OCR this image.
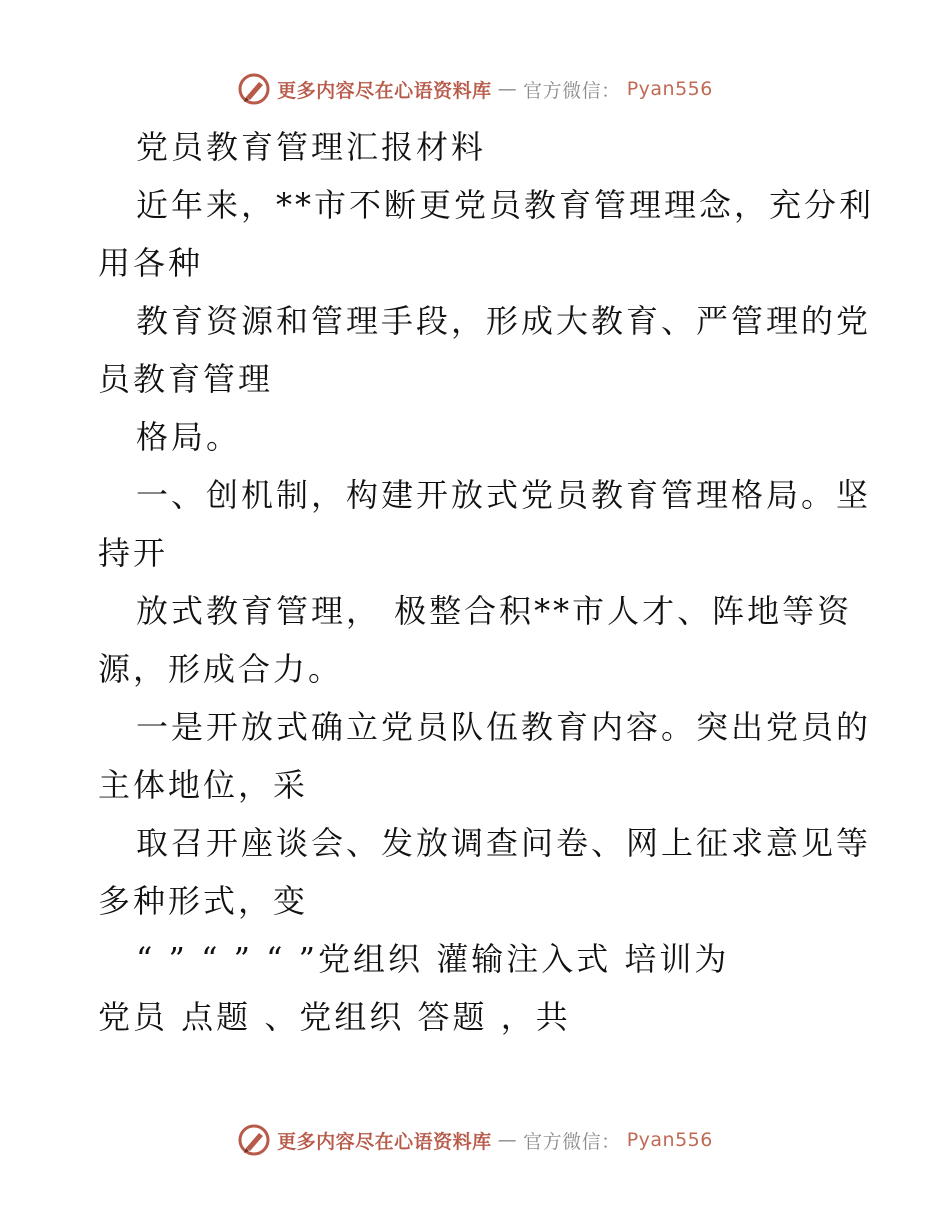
更多内容尽在心语资料库 — 官方微信： Pyan556
党员教育管理汇报材料
近年来，**市不断更党员教育管理理念，充分利
用各种
教育资源和管理手段，形成大教育、严管理的党
员教育管理
格局。
一、创机制，构建开放式党员教育管理格局。坚
持开
放式教育管理， 极整合积**市人才、阵地等资
源，形成合力。
一是开放式确立党员队伍教育内容。突出党员的
主体地位，采
取召开座谈会、发放调查问卷、网上征求意见等
多种形式，变
“ ” “ ” “ ”党组织 灌输注入式 培训为
党员 点题 、党组织 答题 ，共
更多内容尽在心语资料库 — 官方微信： Pyan556
